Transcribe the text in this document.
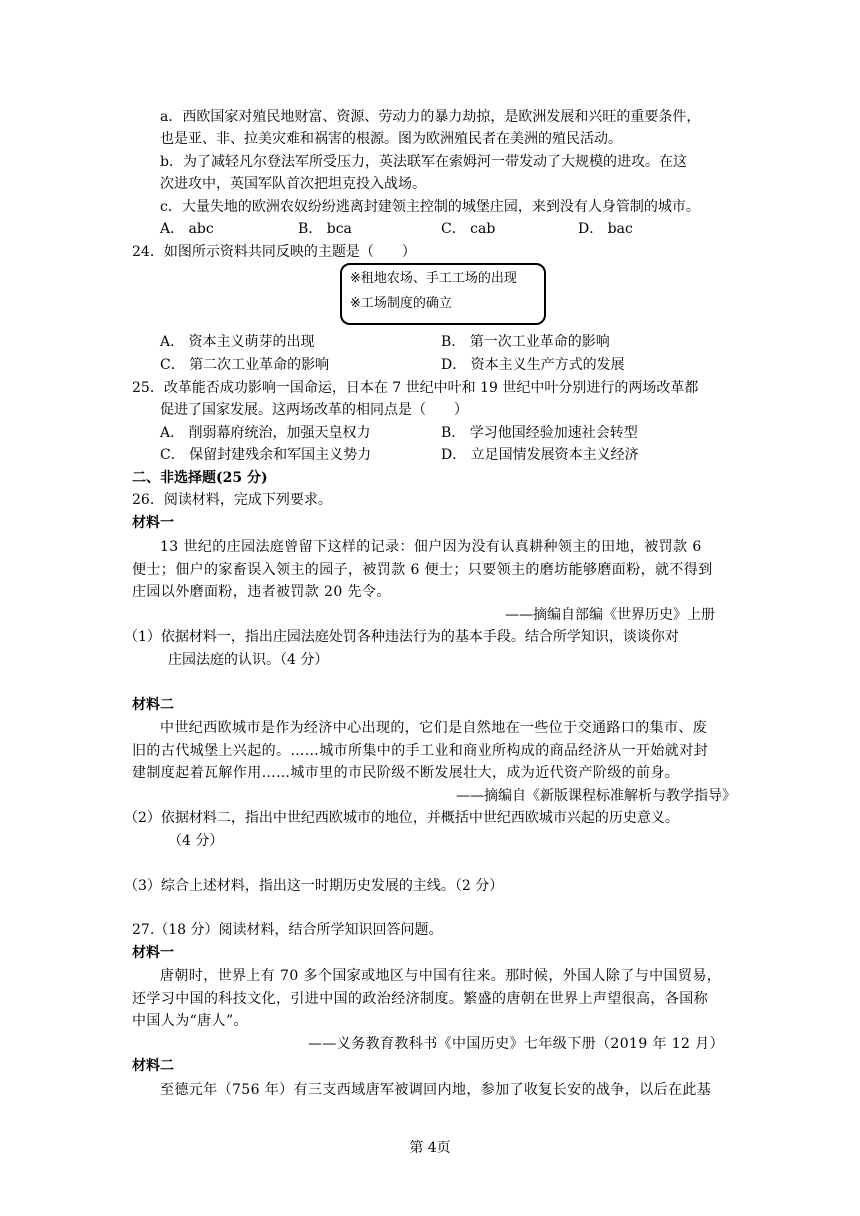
a．西欧国家对殖民地财富、资源、劳动力的暴力劫掠，是欧洲发展和兴旺的重要条件，
也是亚、非、拉美灾难和祸害的根源。图为欧洲殖民者在美洲的殖民活动。
b．为了减轻凡尔登法军所受压力，英法联军在索姆河一带发动了大规模的进攻。在这
次进攻中，英国军队首次把坦克投入战场。
c．大量失地的欧洲农奴纷纷逃离封建领主控制的城堡庄园，来到没有人身管制的城市。
A． abc	B． bca	C． cab	D． bac
24．如图所示资料共同反映的主题是（　　）
※租地农场、手工工场的出现
※工场制度的确立
A． 资本主义萌芽的出现	B． 第一次工业革命的影响
C． 第二次工业革命的影响	D． 资本主义生产方式的发展
25．改革能否成功影响一国命运，日本在 7 世纪中叶和 19 世纪中叶分别进行的两场改革都
促进了国家发展。这两场改革的相同点是（　　）
A． 削弱幕府统治，加强天皇权力	B． 学习他国经验加速社会转型
C． 保留封建残余和军国主义势力	D． 立足国情发展资本主义经济
二、非选择题(25 分)
26．阅读材料，完成下列要求。
材料一
13 世纪的庄园法庭曾留下这样的记录：佃户因为没有认真耕种领主的田地，被罚款 6
便士；佃户的家畜误入领主的园子，被罚款 6 便士；只要领主的磨坊能够磨面粉，就不得到
庄园以外磨面粉，违者被罚款 20 先令。
——摘编自部编《世界历史》上册
（1）依据材料一，指出庄园法庭处罚各种违法行为的基本手段。结合所学知识，谈谈你对
庄园法庭的认识。（4 分）
材料二
中世纪西欧城市是作为经济中心出现的，它们是自然地在一些位于交通路口的集市、废
旧的古代城堡上兴起的。……城市所集中的手工业和商业所构成的商品经济从一开始就对封
建制度起着瓦解作用……城市里的市民阶级不断发展壮大，成为近代资产阶级的前身。
——摘编自《新版课程标准解析与教学指导》
（2）依据材料二，指出中世纪西欧城市的地位，并概括中世纪西欧城市兴起的历史意义。
（4 分）
（3）综合上述材料，指出这一时期历史发展的主线。（2 分）
27.（18 分）阅读材料，结合所学知识回答问题。
材料一
唐朝时，世界上有 70 多个国家或地区与中国有往来。那时候，外国人除了与中国贸易，
还学习中国的科技文化，引进中国的政治经济制度。繁盛的唐朝在世界上声望很高，各国称
中国人为“唐人”。
——义务教育教科书《中国历史》七年级下册（2019 年 12 月）
材料二
至德元年（756 年）有三支西域唐军被调回内地，参加了收复长安的战争，以后在此基
第 4页
